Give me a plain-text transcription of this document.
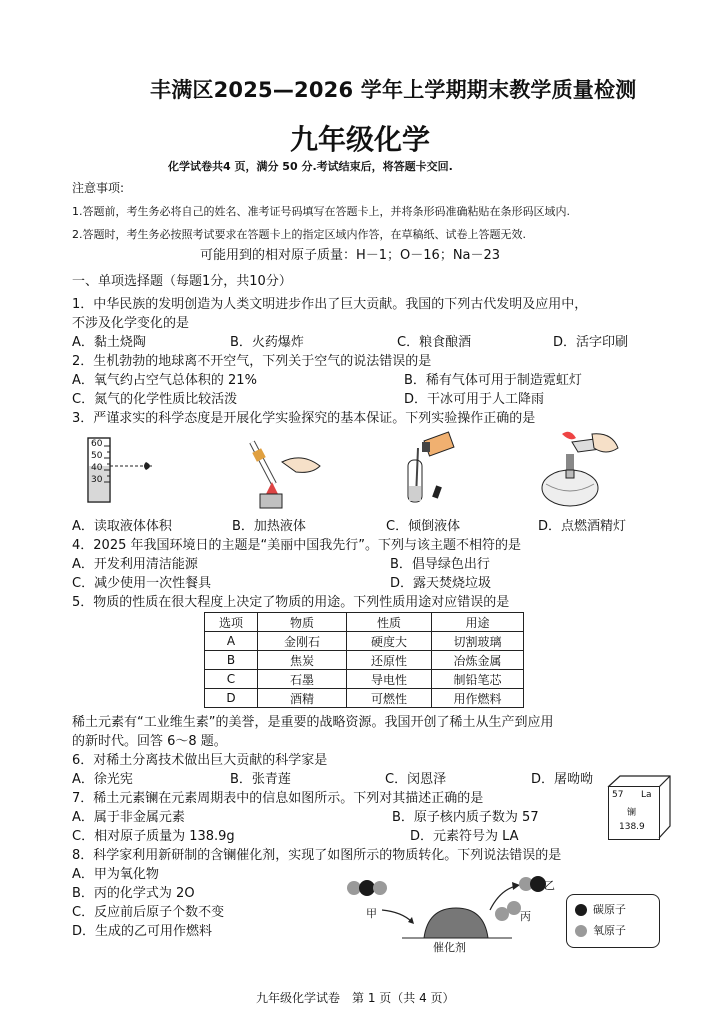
丰满区2025—2026 学年上学期期末教学质量检测
九年级化学
化学试卷共4 页，满分 50 分.考试结束后，将答题卡交回.
注意事项:
1.答题前，考生务必将自己的姓名、准考证号码填写在答题卡上，并将条形码准确粘贴在条形码区域内.
2.答题时，考生务必按照考试要求在答题卡上的指定区域内作答，在草稿纸、试卷上答题无效.
可能用到的相对原子质量：H－1；O－16；Na－23
一、单项选择题（每题1分，共10分）
1．中华民族的发明创造为人类文明进步作出了巨大贡献。我国的下列古代发明及应用中，
不涉及化学变化的是
A．黏土烧陶	B．火药爆炸	C．粮食酿酒	D．活字印刷
2．生机勃勃的地球离不开空气，下列关于空气的说法错误的是
A．氧气约占空气总体积的 21%	B．稀有气体可用于制造霓虹灯
C．氮气的化学性质比较活泼	D．干冰可用于人工降雨
3．严谨求实的科学态度是开展化学实验探究的基本保证。下列实验操作正确的是
60
50
40
30
A．读取液体体积	B．加热液体	C．倾倒液体	D．点燃酒精灯
4．2025 年我国环境日的主题是“美丽中国我先行”。下列与该主题不相符的是
A．开发利用清洁能源	B．倡导绿色出行
C．减少使用一次性餐具	D．露天焚烧垃圾
5．物质的性质在很大程度上决定了物质的用途。下列性质用途对应错误的是
选项	物质	性质	用途
A	金刚石	硬度大	切割玻璃
B	焦炭	还原性	冶炼金属
C	石墨	导电性	制铅笔芯
D	酒精	可燃性	用作燃料
稀土元素有“工业维生素”的美誉，是重要的战略资源。我国开创了稀土从生产到应用
的新时代。回答 6～8 题。
6．对稀土分离技术做出巨大贡献的科学家是
A．徐光宪	B．张青莲	C．闵恩泽	D．屠呦呦
57 La
镧
138.9
7．稀土元素镧在元素周期表中的信息如图所示。下列对其描述正确的是
A．属于非金属元素	B．原子核内质子数为 57
C．相对原子质量为 138.9g	D．元素符号为 LA
8．科学家利用新研制的含镧催化剂，实现了如图所示的物质转化。下列说法错误的是
A．甲为氧化物
B．丙的化学式为 2O
C．反应前后原子个数不变
D．生成的乙可用作燃料
甲
乙
丙
催化剂
碳原子
氧原子
九年级化学试卷　第 1 页（共 4 页）
